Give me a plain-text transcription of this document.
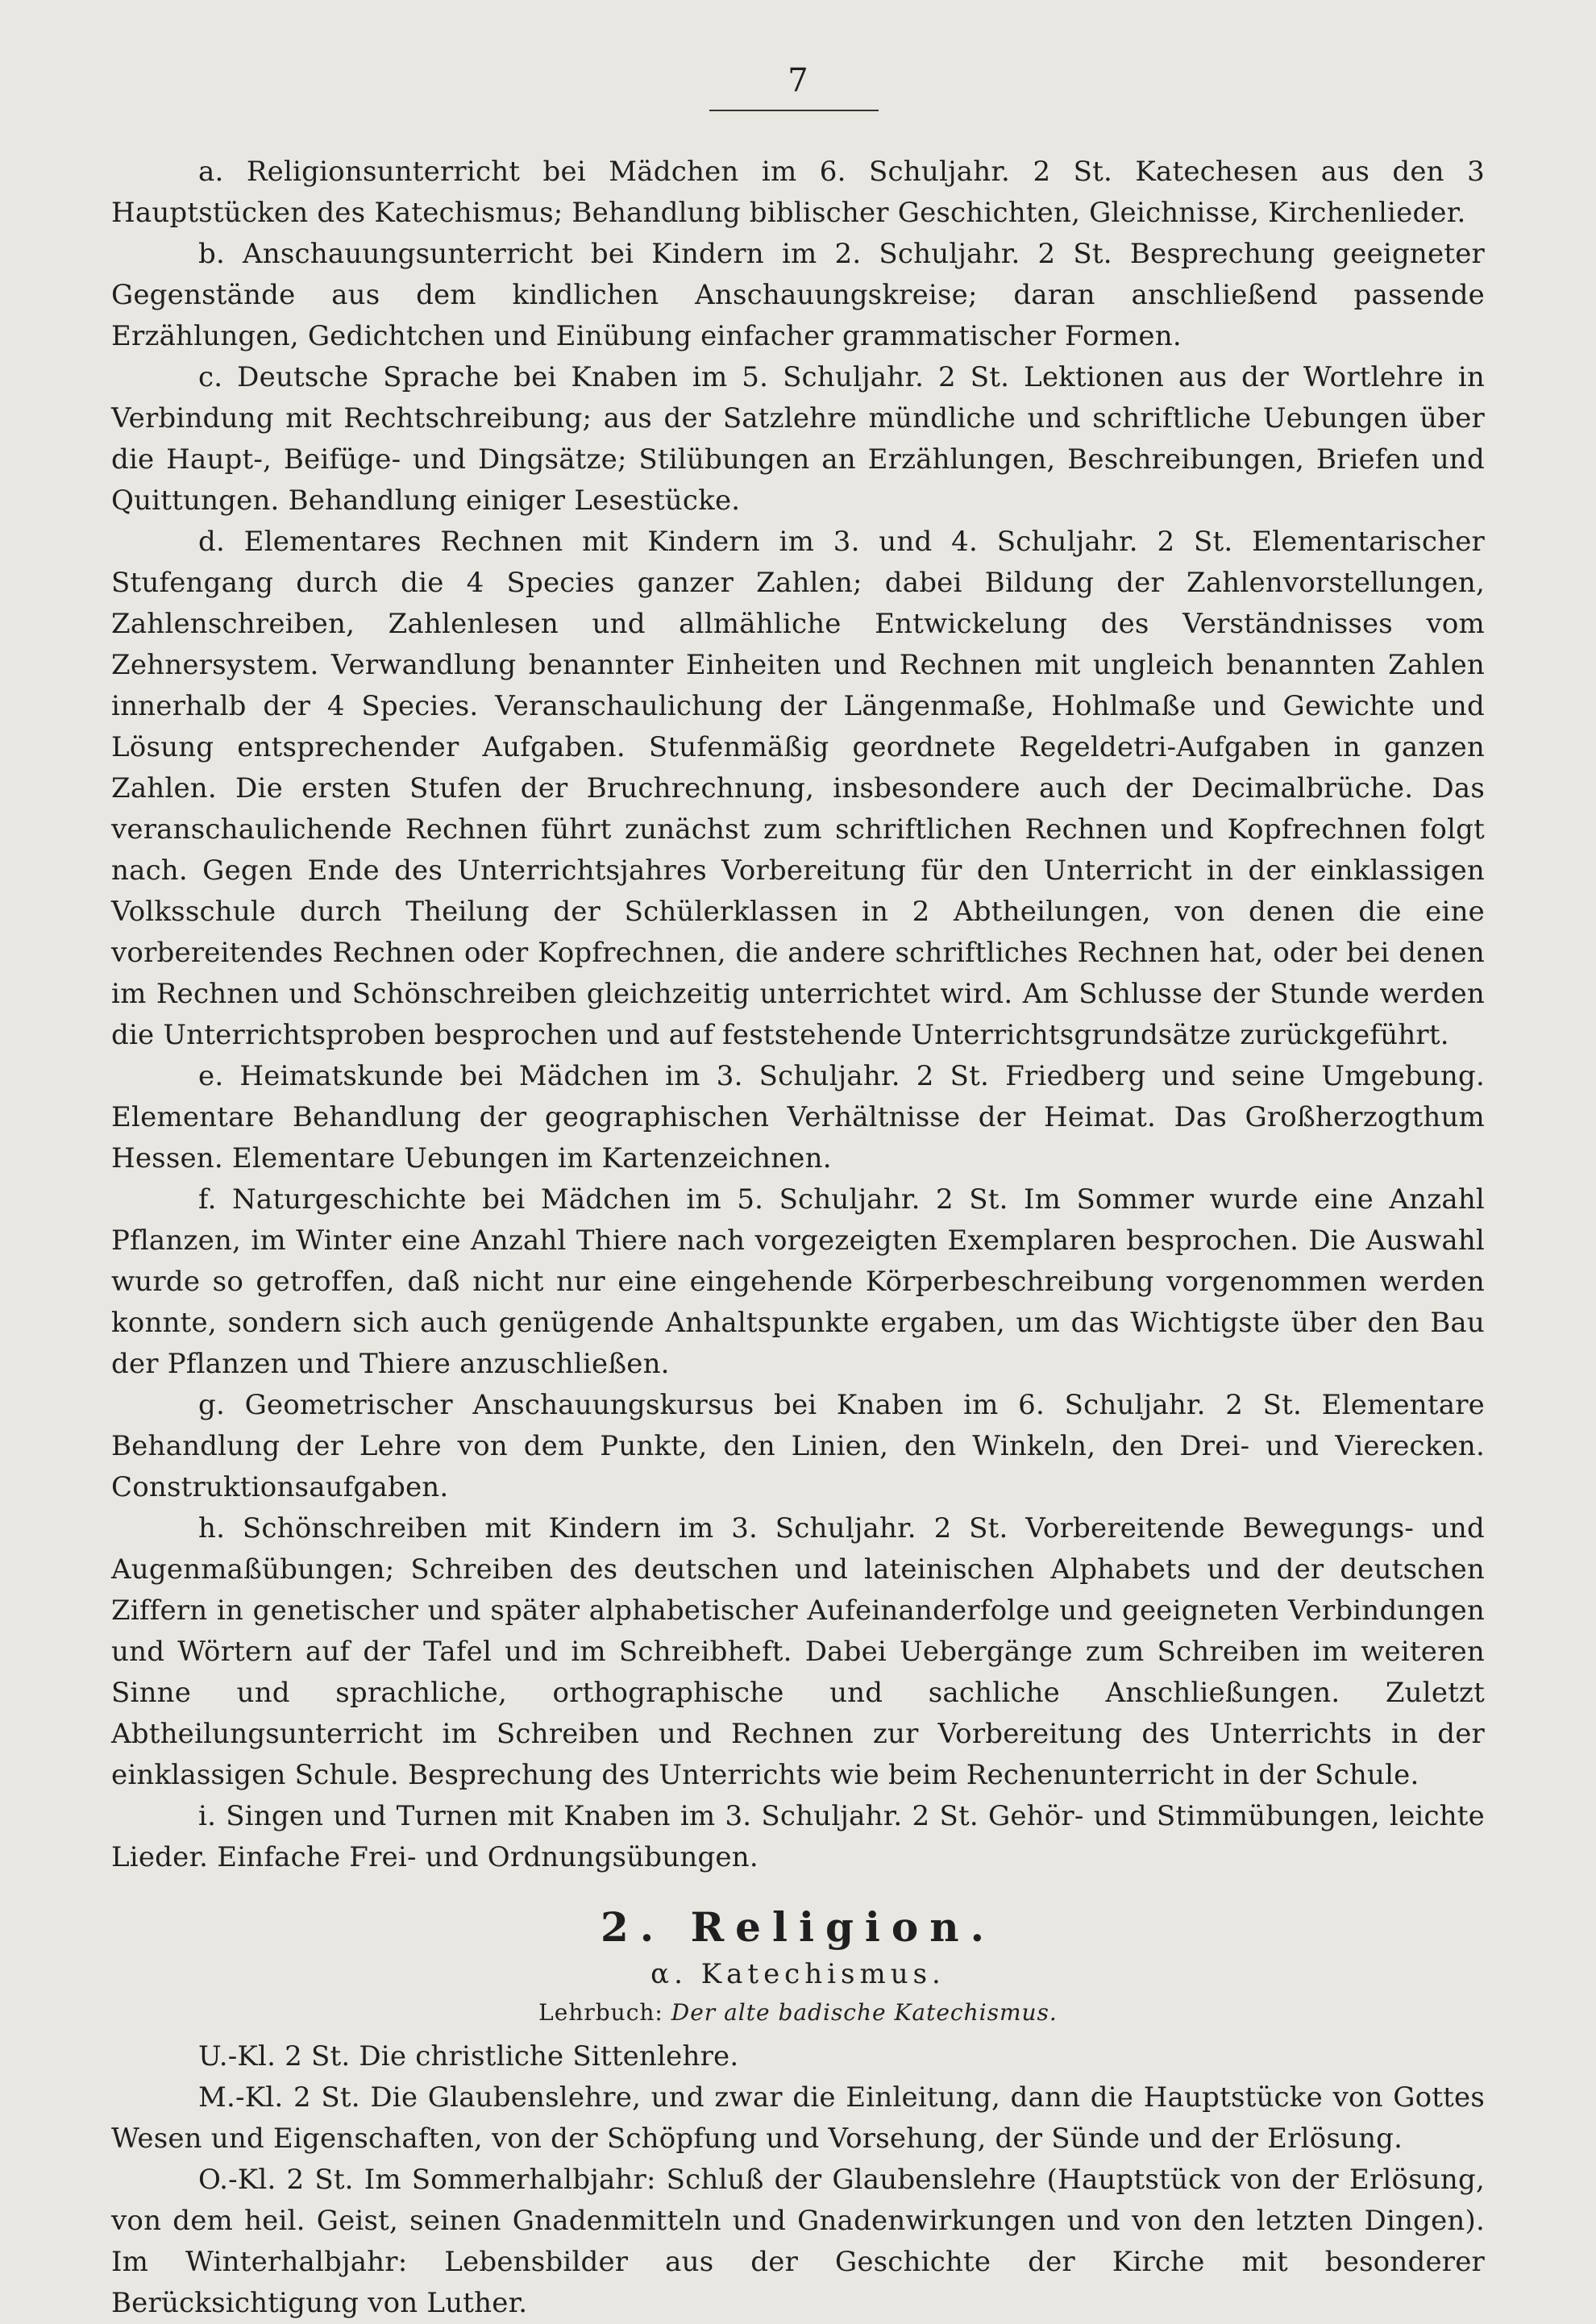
7

a. Religionsunterricht bei Mädchen im 6. Schuljahr. 2 St. Katechesen aus den 3 Hauptstücken des Katechismus; Behandlung biblischer Geschichten, Gleichnisse, Kirchenlieder.

b. Anschauungsunterricht bei Kindern im 2. Schuljahr. 2 St. Besprechung geeigneter Gegenstände aus dem kindlichen Anschauungskreise; daran anschließend passende Erzählungen, Gedichtchen und Einübung einfacher grammatischer Formen.

c. Deutsche Sprache bei Knaben im 5. Schuljahr. 2 St. Lektionen aus der Wortlehre in Verbindung mit Rechtschreibung; aus der Satzlehre mündliche und schriftliche Uebungen über die Haupt-, Beifüge- und Dingsätze; Stilübungen an Erzählungen, Beschreibungen, Briefen und Quittungen. Behandlung einiger Lesestücke.

d. Elementares Rechnen mit Kindern im 3. und 4. Schuljahr. 2 St. Elementarischer Stufengang durch die 4 Species ganzer Zahlen; dabei Bildung der Zahlenvorstellungen, Zahlenschreiben, Zahlenlesen und allmähliche Entwickelung des Verständnisses vom Zehnersystem. Verwandlung benannter Einheiten und Rechnen mit ungleich benannten Zahlen innerhalb der 4 Species. Veranschaulichung der Längenmaße, Hohlmaße und Gewichte und Lösung entsprechender Aufgaben. Stufenmäßig geordnete Regeldetri-Aufgaben in ganzen Zahlen. Die ersten Stufen der Bruchrechnung, insbesondere auch der Decimalbrüche. Das veranschaulichende Rechnen führt zunächst zum schriftlichen Rechnen und Kopfrechnen folgt nach. Gegen Ende des Unterrichtsjahres Vorbereitung für den Unterricht in der einklassigen Volksschule durch Theilung der Schülerklassen in 2 Abtheilungen, von denen die eine vorbereitendes Rechnen oder Kopfrechnen, die andere schriftliches Rechnen hat, oder bei denen im Rechnen und Schönschreiben gleichzeitig unterrichtet wird. Am Schlusse der Stunde werden die Unterrichtsproben besprochen und auf feststehende Unterrichtsgrundsätze zurückgeführt.

e. Heimatskunde bei Mädchen im 3. Schuljahr. 2 St. Friedberg und seine Umgebung. Elementare Behandlung der geographischen Verhältnisse der Heimat. Das Großherzogthum Hessen. Elementare Uebungen im Kartenzeichnen.

f. Naturgeschichte bei Mädchen im 5. Schuljahr. 2 St. Im Sommer wurde eine Anzahl Pflanzen, im Winter eine Anzahl Thiere nach vorgezeigten Exemplaren besprochen. Die Auswahl wurde so getroffen, daß nicht nur eine eingehende Körperbeschreibung vorgenommen werden konnte, sondern sich auch genügende Anhaltspunkte ergaben, um das Wichtigste über den Bau der Pflanzen und Thiere anzuschließen.

g. Geometrischer Anschauungskursus bei Knaben im 6. Schuljahr. 2 St. Elementare Behandlung der Lehre von dem Punkte, den Linien, den Winkeln, den Drei- und Vierecken. Construktionsaufgaben.

h. Schönschreiben mit Kindern im 3. Schuljahr. 2 St. Vorbereitende Bewegungs- und Augenmaßübungen; Schreiben des deutschen und lateinischen Alphabets und der deutschen Ziffern in genetischer und später alphabetischer Aufeinanderfolge und geeigneten Verbindungen und Wörtern auf der Tafel und im Schreibheft. Dabei Uebergänge zum Schreiben im weiteren Sinne und sprachliche, orthographische und sachliche Anschließungen. Zuletzt Abtheilungsunterricht im Schreiben und Rechnen zur Vorbereitung des Unterrichts in der einklassigen Schule. Besprechung des Unterrichts wie beim Rechenunterricht in der Schule.

i. Singen und Turnen mit Knaben im 3. Schuljahr. 2 St. Gehör- und Stimmübungen, leichte Lieder. Einfache Frei- und Ordnungsübungen.

2. Religion.

α. Katechismus.

Lehrbuch: Der alte badische Katechismus.

U.-Kl. 2 St. Die christliche Sittenlehre.

M.-Kl. 2 St. Die Glaubenslehre, und zwar die Einleitung, dann die Hauptstücke von Gottes Wesen und Eigenschaften, von der Schöpfung und Vorsehung, der Sünde und der Erlösung.

O.-Kl. 2 St. Im Sommerhalbjahr: Schluß der Glaubenslehre (Hauptstück von der Erlösung, von dem heil. Geist, seinen Gnadenmitteln und Gnadenwirkungen und von den letzten Dingen). Im Winterhalbjahr: Lebensbilder aus der Geschichte der Kirche mit besonderer Berücksichtigung von Luther.
